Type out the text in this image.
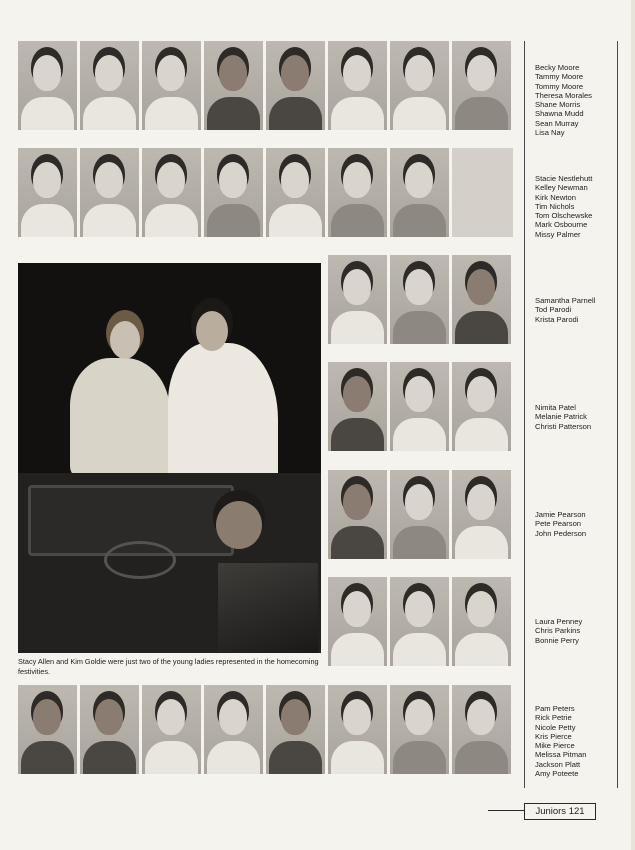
Stacy Allen and Kim Goldie were just two of the young ladies represented in the homecoming festivities.
Becky Moore
Tammy Moore
Tommy Moore
Theresa Morales
Shane Morris
Shawna Mudd
Sean Murray
Lisa Nay
Stacie Nestlehutt
Kelley Newman
Kirk Newton
Tim Nichols
Tom Olschewske
Mark Osbourne
Missy Palmer
Samantha Parnell
Tod Parodi
Krista Parodi
Nimita Patel
Melanie Patrick
Christi Patterson
Jamie Pearson
Pete Pearson
John Pederson
Laura Penney
Chris Parkins
Bonnie Perry
Pam Peters
Rick Petrie
Nicole Petty
Kris Pierce
Mike Pierce
Melissa Pitman
Jackson Platt
Amy Poteete
Juniors 121
